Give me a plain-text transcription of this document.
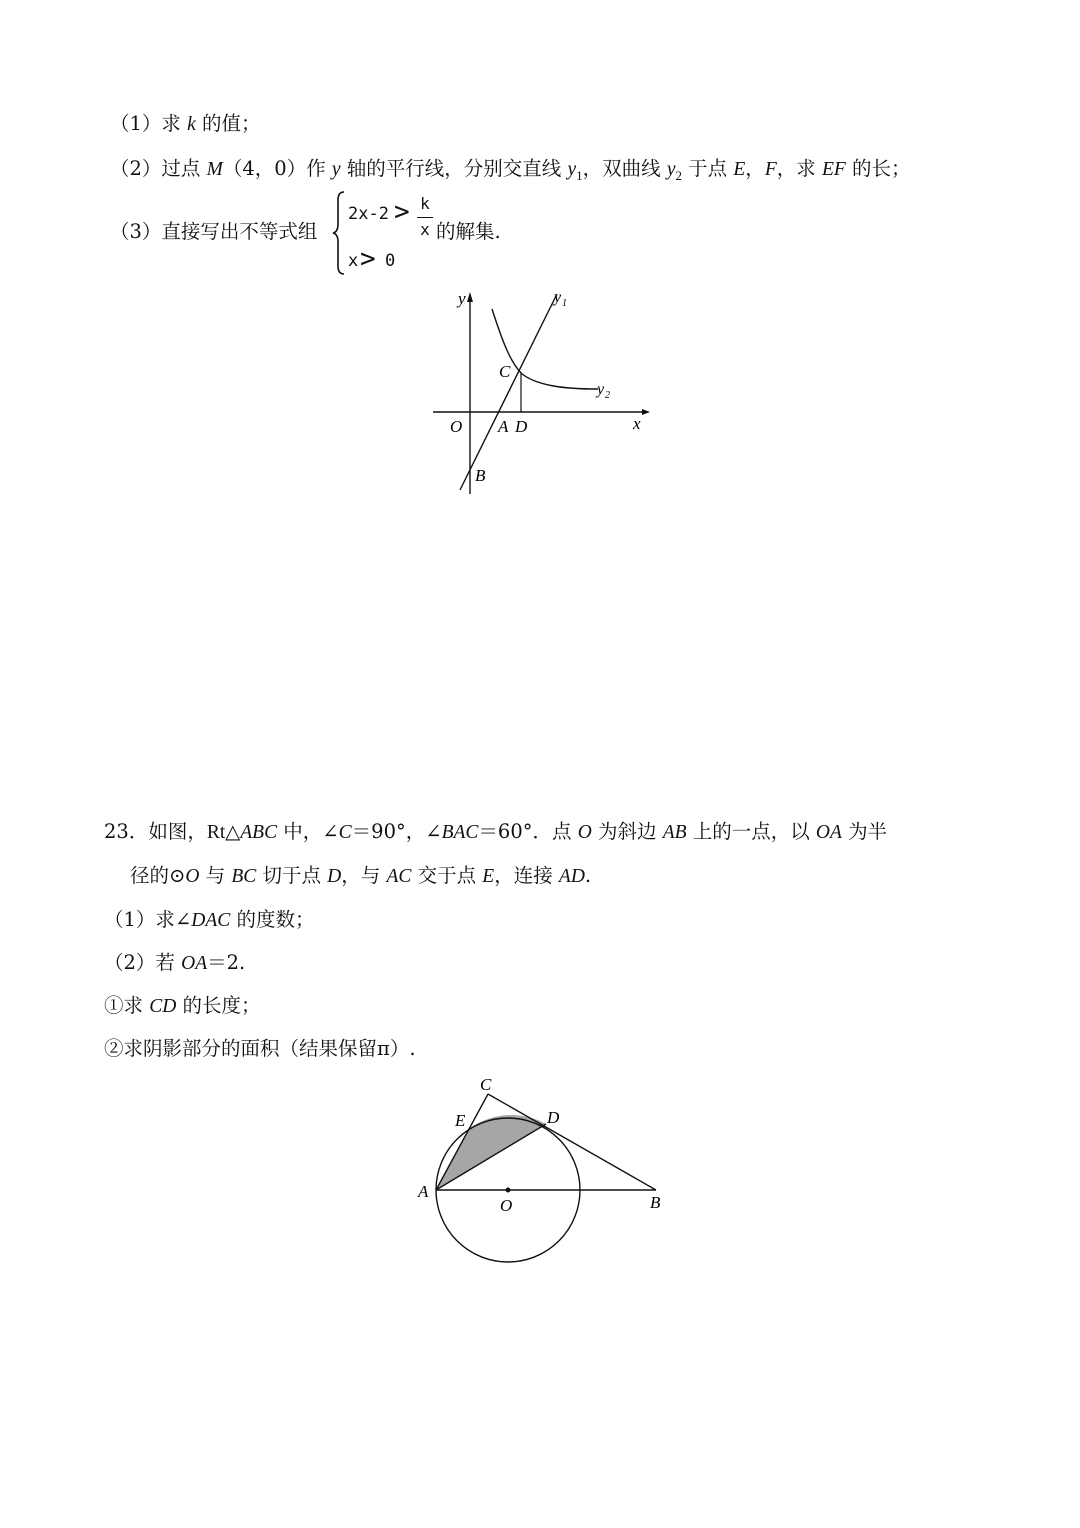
（1）求 k 的值；
（2）过点 M（4，0）作 y 轴的平行线，分别交直线 $y_1$，双曲线 $y_2$ 于点 E，F，求 EF 的长；
（3）直接写出不等式组
2x-2 > k
x
x > 0
的解集.
y
x
O A D
C
B
y 1
y 2
23．如图，Rt△ABC 中，∠C＝90°，∠BAC＝60°．点 O 为斜边 AB 上的一点，以 OA 为半
径的⊙O 与 BC 切于点 D，与 AC 交于点 E，连接 AD.
（1）求∠DAC 的度数；
（2）若 OA＝2.
①求 CD 的长度；
②求阴影部分的面积（结果保留π）.
A
B
C
D
E
O
